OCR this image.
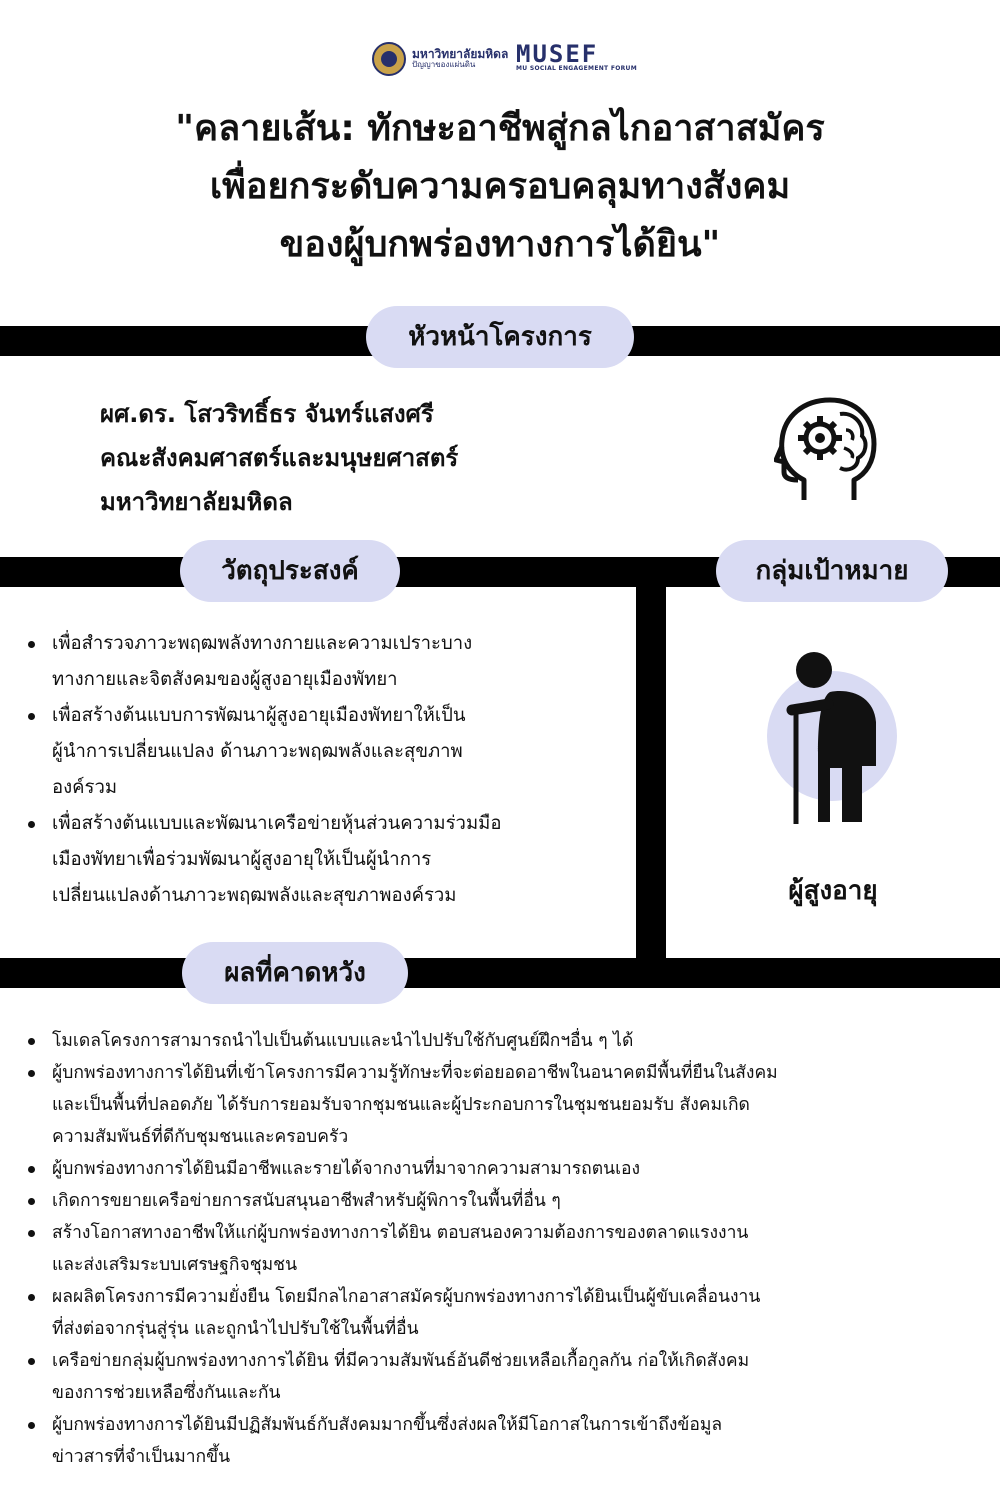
มหาวิทยาลัยมหิดล
ปัญญาของแผ่นดิน	MUSEF
MU SOCIAL ENGAGEMENT FORUM
"คลายเส้น: ทักษะอาชีพสู่กลไกอาสาสมัคร
เพื่อยกระดับความครอบคลุมทางสังคม
ของผู้บกพร่องทางการได้ยิน"
หัวหน้าโครงการ
ผศ.ดร. โสวริทธิ์ธร จันทร์แสงศรี
คณะสังคมศาสตร์และมนุษยศาสตร์
มหาวิทยาลัยมหิดล
วัตถุประสงค์	กลุ่มเป้าหมาย
เพื่อสำรวจภาวะพฤฒพลังทางกายและความเปราะบาง
ทางกายและจิตสังคมของผู้สูงอายุเมืองพัทยา
เพื่อสร้างต้นแบบการพัฒนาผู้สูงอายุเมืองพัทยาให้เป็น
ผู้นำการเปลี่ยนแปลง ด้านภาวะพฤฒพลังและสุขภาพ
องค์รวม
เพื่อสร้างต้นแบบและพัฒนาเครือข่ายหุ้นส่วนความร่วมมือ
เมืองพัทยาเพื่อร่วมพัฒนาผู้สูงอายุให้เป็นผู้นำการ
เปลี่ยนแปลงด้านภาวะพฤฒพลังและสุขภาพองค์รวม	ผู้สูงอายุ
ผลที่คาดหวัง
โมเดลโครงการสามารถนำไปเป็นต้นแบบและนำไปปรับใช้กับศูนย์ฝึกฯอื่น ๆ ได้
ผู้บกพร่องทางการได้ยินที่เข้าโครงการมีความรู้ทักษะที่จะต่อยอดอาชีพในอนาคตมีพื้นที่ยืนในสังคม
และเป็นพื้นที่ปลอดภัย ได้รับการยอมรับจากชุมชนและผู้ประกอบการในชุมชนยอมรับ สังคมเกิด
ความสัมพันธ์ที่ดีกับชุมชนและครอบครัว
ผู้บกพร่องทางการได้ยินมีอาชีพและรายได้จากงานที่มาจากความสามารถตนเอง
เกิดการขยายเครือข่ายการสนับสนุนอาชีพสำหรับผู้พิการในพื้นที่อื่น ๆ
สร้างโอกาสทางอาชีพให้แก่ผู้บกพร่องทางการได้ยิน ตอบสนองความต้องการของตลาดแรงงาน
และส่งเสริมระบบเศรษฐกิจชุมชน
ผลผลิตโครงการมีความยั่งยืน โดยมีกลไกอาสาสมัครผู้บกพร่องทางการได้ยินเป็นผู้ขับเคลื่อนงาน
ที่ส่งต่อจากรุ่นสู่รุ่น และถูกนำไปปรับใช้ในพื้นที่อื่น
เครือข่ายกลุ่มผู้บกพร่องทางการได้ยิน ที่มีความสัมพันธ์อันดีช่วยเหลือเกื้อกูลกัน ก่อให้เกิดสังคม
ของการช่วยเหลือซึ่งกันและกัน
ผู้บกพร่องทางการได้ยินมีปฏิสัมพันธ์กับสังคมมากขึ้นซึ่งส่งผลให้มีโอกาสในการเข้าถึงข้อมูล
ข่าวสารที่จำเป็นมากขึ้น
